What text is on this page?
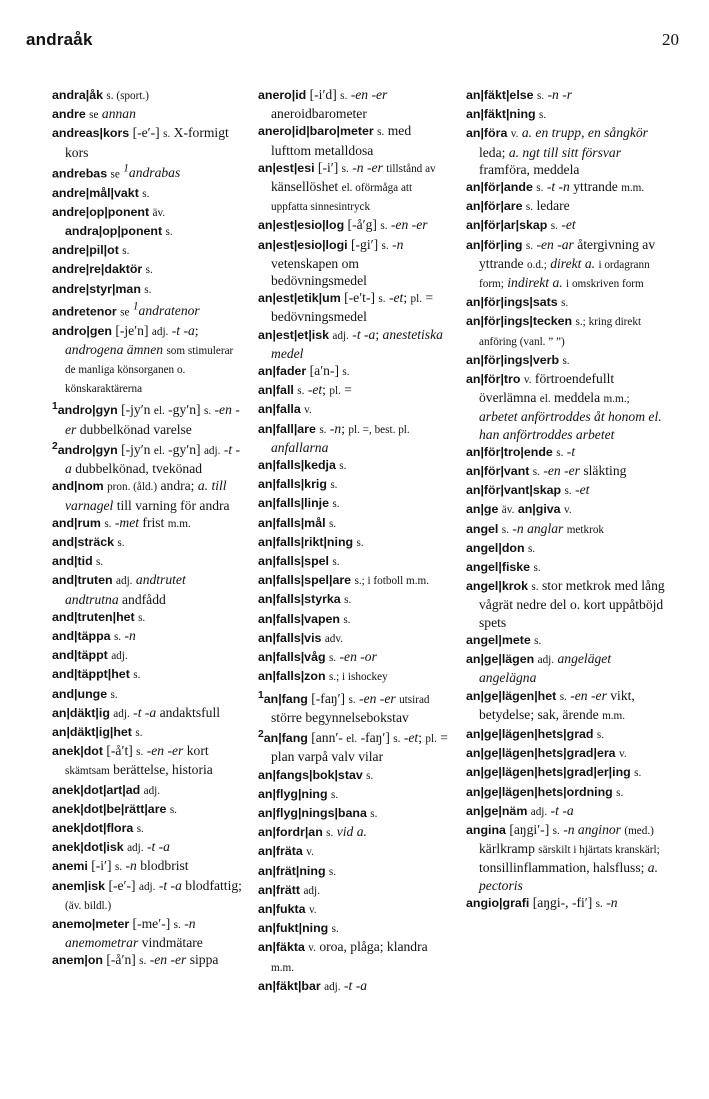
andraåk	20
andra|åk s. (sport.)
andre se annan
andreas|kors [-e′-] s. X-formigt kors
andrebas se $^1$andrabas
andre|mål|vakt s.
andre|op|ponent äv. andra|op|ponent s.
andre|pil|ot s.
andre|re|daktör s.
andre|styr|man s.
andretenor se $^1$andratenor
andro|gen [-je′n] adj. -t -a; androgena ämnen som stimulerar de manliga könsorganen o. könskaraktärerna
$^1$andro|gyn [-jy′n el. -gy′n] s. -en -er dubbelkönad varelse
$^2$andro|gyn [-jy′n el. -gy′n] adj. -t -a dubbelkönad, tvekönad
and|nom pron. (åld.) andra; a. till varnagel till varning för andra
and|rum s. -met frist m.m.
and|sträck s.
and|tid s.
and|truten adj. andtrutet andtrutna andfådd
and|truten|het s.
and|täppa s. -n
and|täppt adj.
and|täppt|het s.
and|unge s.
an|däkt|ig adj. -t -a andaktsfull
an|däkt|ig|het s.
anek|dot [-å′t] s. -en -er kort skämtsam berättelse, historia
anek|dot|art|ad adj.
anek|dot|be|rätt|are s.
anek|dot|flora s.
anek|dot|isk adj. -t -a
anemi [-i′] s. -n blodbrist
anem|isk [-e′-] adj. -t -a blodfattig; (äv. bildl.)
anemo|meter [-me′-] s. -n anemometrar vindmätare
anem|on [-å′n] s. -en -er sippa
anero|id [-i′d] s. -en -er aneroidbarometer
anero|id|baro|meter s. med lufttom metalldosa
an|est|esi [-i′] s. -n -er tillstånd av känsellöshet el. oförmåga att uppfatta sinnesintryck
an|est|esio|log [-å′g] s. -en -er
an|est|esio|logi [-gi′] s. -n vetenskapen om bedövningsmedel
an|est|etik|um [-e′t-] s. -et; pl. = bedövningsmedel
an|est|et|isk adj. -t -a; anestetiska medel
an|fader [a′n-] s.
an|fall s. -et; pl. =
an|falla v.
an|fall|are s. -n; pl. =, best. pl. anfallarna
an|falls|kedja s.
an|falls|krig s.
an|falls|linje s.
an|falls|mål s.
an|falls|rikt|ning s.
an|falls|spel s.
an|falls|spel|are s.; i fotboll m.m.
an|falls|styrka s.
an|falls|vapen s.
an|falls|vis adv.
an|falls|våg s. -en -or
an|falls|zon s.; i ishockey
$^1$an|fang [-faŋ′] s. -en -er utsirad större begynnelsebokstav
$^2$an|fang [ann′- el. -faŋ′] s. -et; pl. = plan varpå valv vilar
an|fangs|bok|stav s.
an|flyg|ning s.
an|flyg|nings|bana s.
an|fordr|an s. vid a.
an|fräta v.
an|frät|ning s.
an|frätt adj.
an|fukta v.
an|fukt|ning s.
an|fäkta v. oroa, plåga; klandra m.m.
an|fäkt|bar adj. -t -a
an|fäkt|else s. -n -r
an|fäkt|ning s.
an|föra v. a. en trupp, en sångkör leda; a. ngt till sitt försvar framföra, meddela
an|för|ande s. -t -n yttrande m.m.
an|för|are s. ledare
an|för|ar|skap s. -et
an|för|ing s. -en -ar återgivning av yttrande o.d.; direkt a. i ordagrann form; indirekt a. i omskriven form
an|för|ings|sats s.
an|för|ings|tecken s.; kring direkt anföring (vanl. ” ”)
an|för|ings|verb s.
an|för|tro v. förtroendefullt överlämna el. meddela m.m.; arbetet anförtroddes åt honom el. han anförtroddes arbetet
an|för|tro|ende s. -t
an|för|vant s. -en -er släkting
an|för|vant|skap s. -et
an|ge äv. an|giva v.
angel s. -n anglar metkrok
angel|don s.
angel|fiske s.
angel|krok s. stor metkrok med lång vågrät nedre del o. kort uppåtböjd spets
angel|mete s.
an|ge|lägen adj. angeläget angelägna
an|ge|lägen|het s. -en -er vikt, betydelse; sak, ärende m.m.
an|ge|lägen|hets|grad s.
an|ge|lägen|hets|grad|era v.
an|ge|lägen|hets|grad|er|ing s.
an|ge|lägen|hets|ordning s.
an|ge|näm adj. -t -a
angina [aŋgi′-] s. -n anginor (med.) kärlkramp särskilt i hjärtats kranskärl; tonsillinflammation, halsfluss; a. pectoris
angio|grafi [aŋgi-, -fi′] s. -n
